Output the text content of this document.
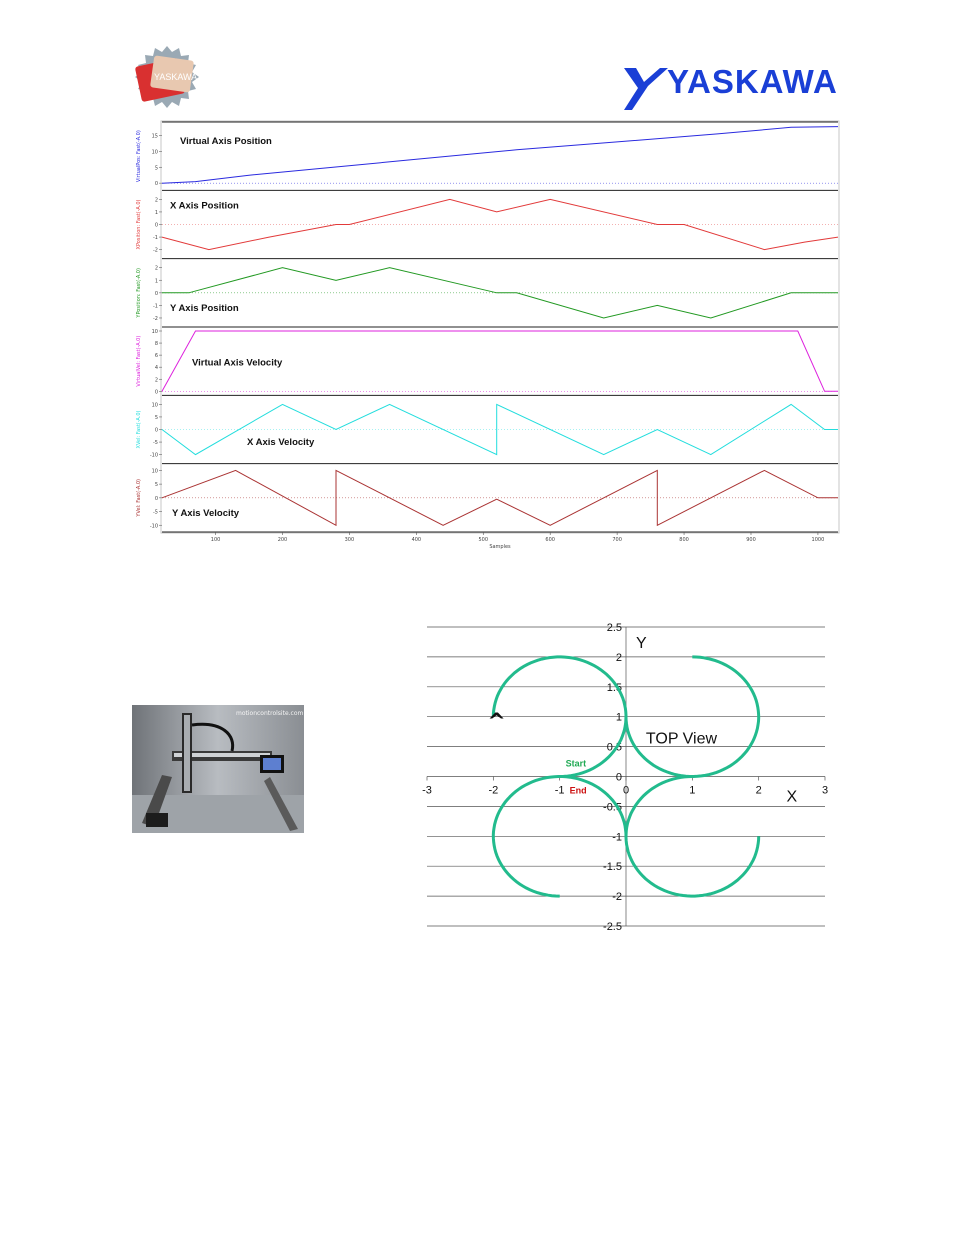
YASKAWA	YASKAWA
0
5
10
15
VirtualPos: Fast(-A.0)	Virtual Axis Position
-2
-1
0
1
2
XPosition: Fast(-A.0)	X Axis Position
-2
-1
0
1
2
YPosition: Fast(-A.0)	Y Axis Position
0
2
4
6
8
10
VirtualVel: Fast(-A.0)	Virtual Axis Velocity
-10
-5
0
5
10
XVel: Fast(-A.0)	X Axis Velocity
-10
-5
0
5
10
YVel: Fast(-A.0)	Y Axis Velocity
100	200	300	400	500	600	700	800	900	1000
Samples
motioncontrolsite.com
-3	-2	-1	0	1	2	3
2.5
2
1.5
1
0.5
0
-0.5
-1
-1.5
-2
-2.5
X
Y
TOP View
Start
End
^
